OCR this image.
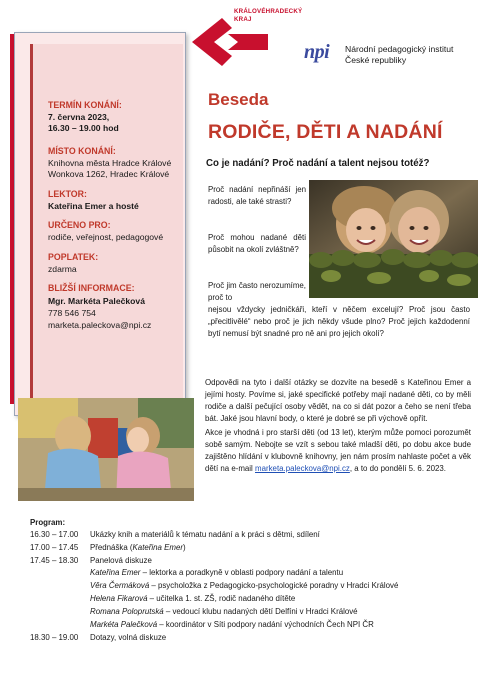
KRÁLOVÉHRADECKÝ
KRAJ
npi Národní pedagogický institut
České republiky
TERMÍN KONÁNÍ:
7. června 2023,
16.30 – 19.00 hod
MÍSTO KONÁNÍ:
Knihovna města Hradce Králové
Wonkova 1262, Hradec Králové
LEKTOR:
Kateřina Emer a hosté
URČENO PRO:
rodiče, veřejnost, pedagogové
POPLATEK:
zdarma
BLIŽŠÍ INFORMACE:
Mgr. Markéta Palečková
778 546 754
marketa.paleckova@npi.cz
Beseda
RODIČE, DĚTI A NADÁNÍ
Co je nadání? Proč nadání a talent nejsou totéž?
Proč nadání nepřináší jen radosti, ale také strasti?
Proč mohou nadané děti působit na okolí zvláštně?
Proč jim často nerozumíme, proč to
nejsou vždycky jedničkáři, kteří v něčem excelují? Proč jsou často „přecitlivělé“ nebo proč je jich někdy všude plno? Proč jejich každodenní bytí nemusí být snadné pro ně ani pro jejich okolí?
Odpovědi na tyto i další otázky se dozvíte na besedě s Kateřinou Emer a jejími hosty. Povíme si, jaké specifické potřeby mají nadané děti, co by měli rodiče a další pečující osoby vědět, na co si dát pozor a čeho se není třeba bát. Jaké jsou hlavní body, o které je dobré se při výchově opřít.
Akce je vhodná i pro starší děti (od 13 let), kterým může pomoci porozumět sobě samým. Nebojte se vzít s sebou také mladší děti, po dobu akce bude zajištěno hlídání v klubovně knihovny, jen nám prosím nahlaste počet a věk dětí na e-mail marketa.paleckova@npi.cz, a to do pondělí 5. 6. 2023.
Program:
16.30 – 17.00 Ukázky knih a materiálů k tématu nadání a k práci s dětmi, sdílení
17.00 – 17.45 Přednáška (Kateřina Emer)
17.45 – 18.30 Panelová diskuze
Kateřina Emer – lektorka a poradkyně v oblasti podpory nadání a talentu
Věra Čermáková – psycholožka z Pedagogicko-psychologické poradny v Hradci Králové
Helena Fikarová – učitelka 1. st. ZŠ, rodič nadaného dítěte
Romana Poloprutská – vedoucí klubu nadaných dětí Delfíni v Hradci Králové
Markéta Palečková – koordinátor v Síti podpory nadání východních Čech NPI ČR
18.30 – 19.00 Dotazy, volná diskuze
